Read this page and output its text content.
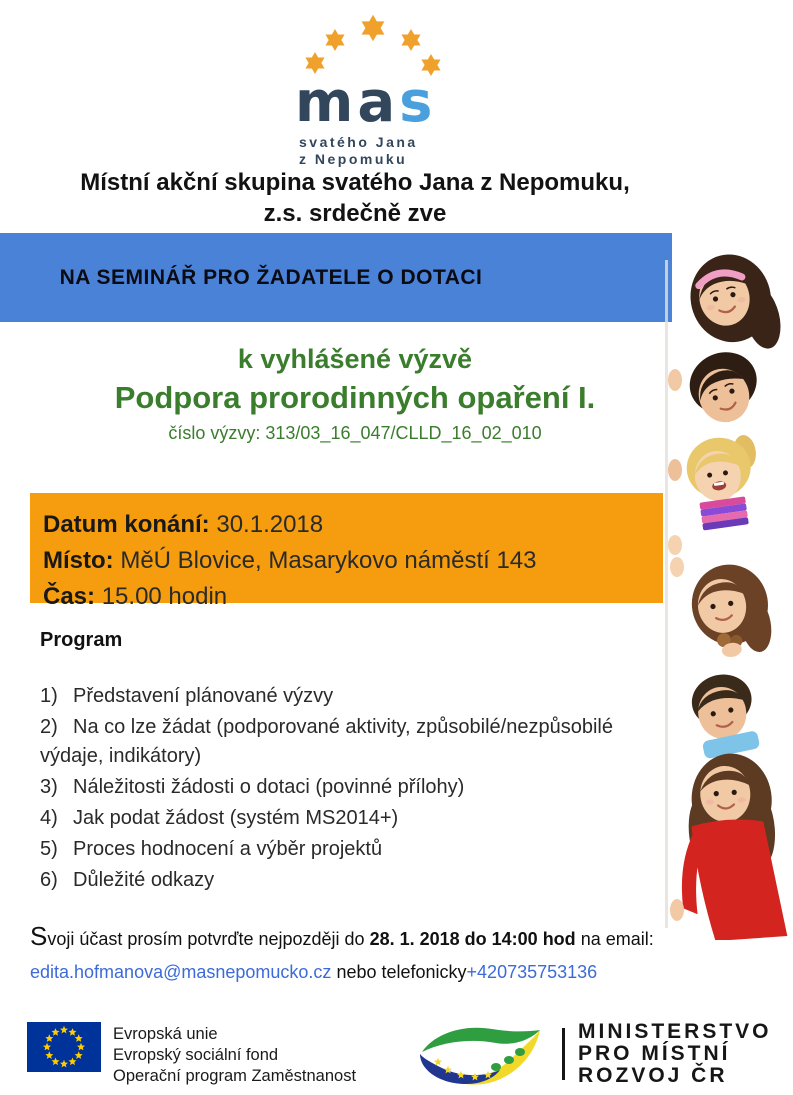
mas
svatého Jana
z Nepomuku
Místní akční skupina svatého Jana z Nepomuku,
z.s. srdečně zve
NA SEMINÁŘ PRO ŽADATELE O DOTACI
k vyhlášené výzvě
Podpora prorodinných opaření I.
číslo výzvy: 313/03_16_047/CLLD_16_02_010
Datum konání: 30.1.2018
Místo: MěÚ Blovice, Masarykovo náměstí 143
Čas: 15.00 hodin
Program
1) Představení plánované výzvy
2) Na co lze žádat (podporované aktivity, způsobilé/nezpůsobilé výdaje, indikátory)
3) Náležitosti žádosti o dotaci (povinné přílohy)
4) Jak podat žádost (systém MS2014+)
5) Proces hodnocení a výběr projektů
6) Důležité odkazy
Svoji účast prosím potvrďte nejpozději do 28. 1. 2018 do 14:00 hod na email:
edita.hofmanova@masnepomucko.cz nebo telefonicky+420735753136
Evropská unie
Evropský sociální fond
Operační program Zaměstnanost
MINISTERSTVO
PRO MÍSTNÍ
ROZVOJ ČR
